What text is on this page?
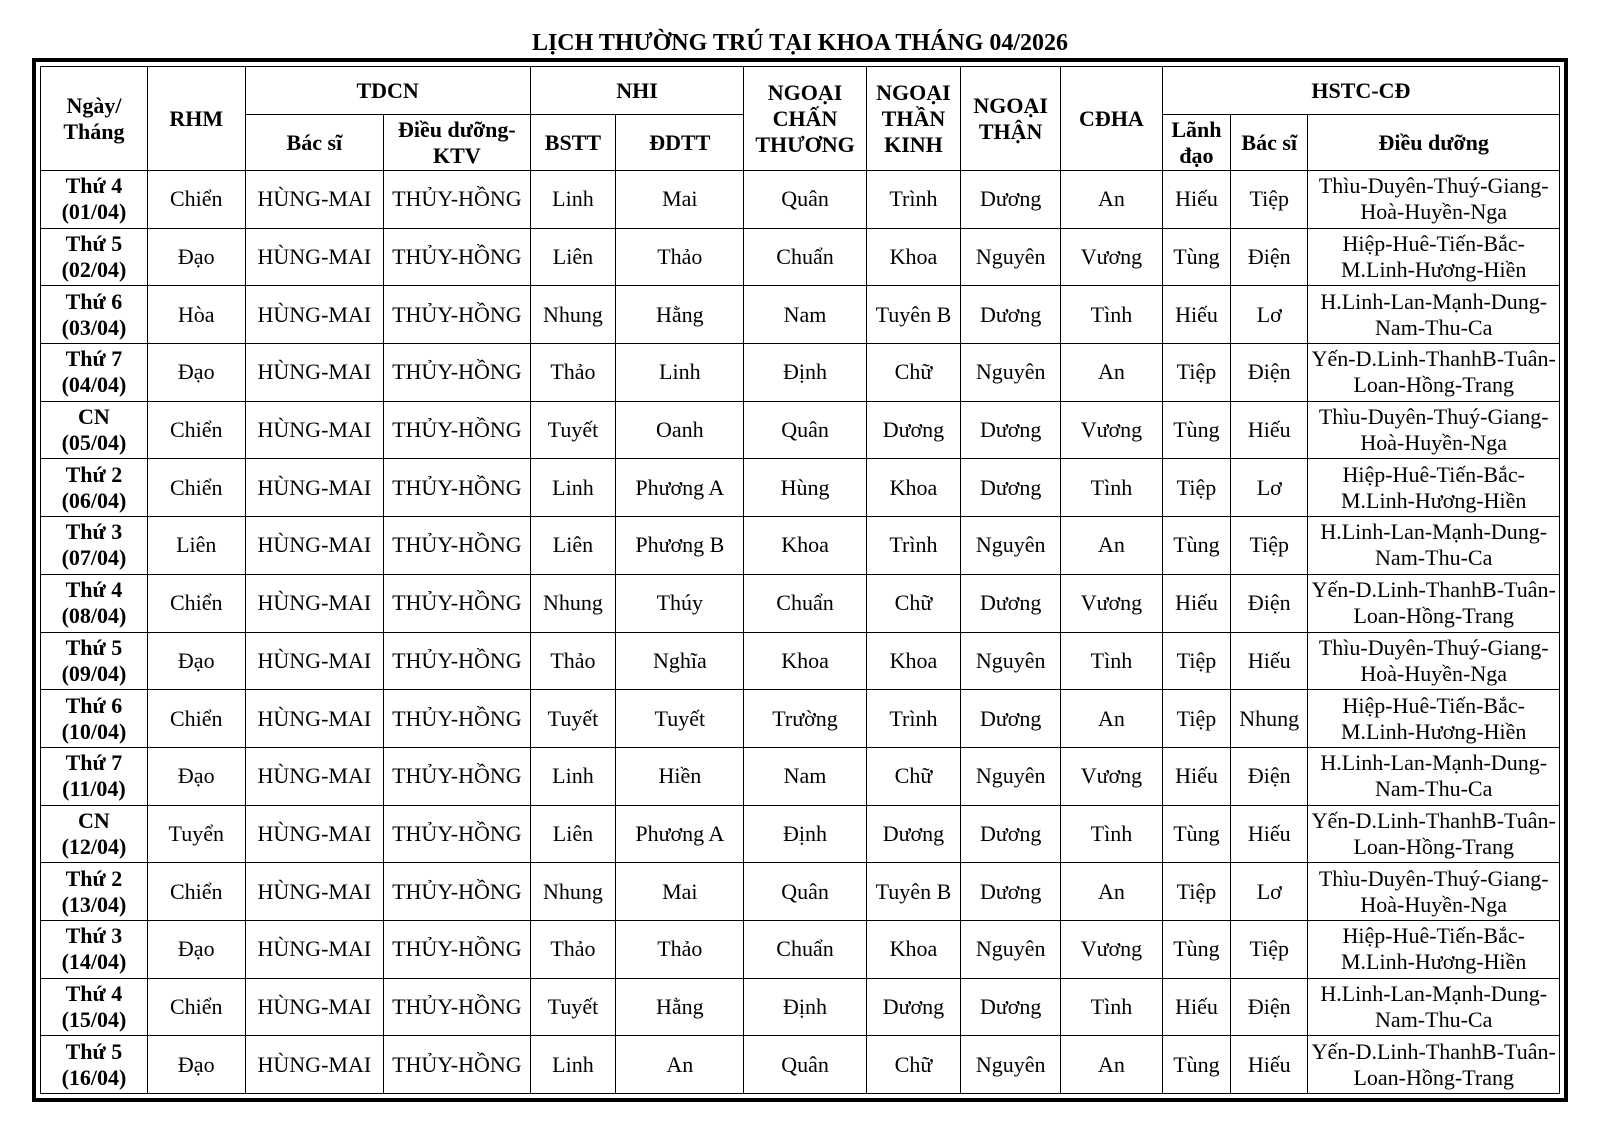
LỊCH THƯỜNG TRÚ TẠI KHOA THÁNG 04/2026
Ngày/ Tháng	RHM	TDCN		NHI		NGOẠI CHẤN THƯƠNG	NGOẠI THẦN KINH	NGOẠI THẬN	CĐHA	HSTC-CĐ		
		Bác sĩ	Điều dưỡng-KTV	BSTT	ĐDTT					Lãnh đạo	Bác sĩ	Điều dưỡng
Thứ 4
(01/04)	Chiển	HÙNG-MAI	THỦY-HỒNG	Linh	Mai	Quân	Trình	Dương	An	Hiếu	Tiệp	Thìu-Duyên-Thuý-Giang-Hoà-Huyền-Nga
Thứ 5
(02/04)	Đạo	HÙNG-MAI	THỦY-HỒNG	Liên	Thảo	Chuẩn	Khoa	Nguyên	Vương	Tùng	Điện	Hiệp-Huê-Tiến-Bắc-M.Linh-Hương-Hiền
Thứ 6
(03/04)	Hòa	HÙNG-MAI	THỦY-HỒNG	Nhung	Hằng	Nam	Tuyên B	Dương	Tình	Hiếu	Lơ	H.Linh-Lan-Mạnh-Dung-Nam-Thu-Ca
Thứ 7
(04/04)	Đạo	HÙNG-MAI	THỦY-HỒNG	Thảo	Linh	Định	Chữ	Nguyên	An	Tiệp	Điện	Yến-D.Linh-ThanhB-Tuân-Loan-Hồng-Trang
CN
(05/04)	Chiển	HÙNG-MAI	THỦY-HỒNG	Tuyết	Oanh	Quân	Dương	Dương	Vương	Tùng	Hiếu	Thìu-Duyên-Thuý-Giang-Hoà-Huyền-Nga
Thứ 2
(06/04)	Chiển	HÙNG-MAI	THỦY-HỒNG	Linh	Phương A	Hùng	Khoa	Dương	Tình	Tiệp	Lơ	Hiệp-Huê-Tiến-Bắc-M.Linh-Hương-Hiền
Thứ 3
(07/04)	Liên	HÙNG-MAI	THỦY-HỒNG	Liên	Phương B	Khoa	Trình	Nguyên	An	Tùng	Tiệp	H.Linh-Lan-Mạnh-Dung-Nam-Thu-Ca
Thứ 4
(08/04)	Chiển	HÙNG-MAI	THỦY-HỒNG	Nhung	Thúy	Chuẩn	Chữ	Dương	Vương	Hiếu	Điện	Yến-D.Linh-ThanhB-Tuân-Loan-Hồng-Trang
Thứ 5
(09/04)	Đạo	HÙNG-MAI	THỦY-HỒNG	Thảo	Nghĩa	Khoa	Khoa	Nguyên	Tình	Tiệp	Hiếu	Thìu-Duyên-Thuý-Giang-Hoà-Huyền-Nga
Thứ 6
(10/04)	Chiển	HÙNG-MAI	THỦY-HỒNG	Tuyết	Tuyết	Trường	Trình	Dương	An	Tiệp	Nhung	Hiệp-Huê-Tiến-Bắc-M.Linh-Hương-Hiền
Thứ 7
(11/04)	Đạo	HÙNG-MAI	THỦY-HỒNG	Linh	Hiền	Nam	Chữ	Nguyên	Vương	Hiếu	Điện	H.Linh-Lan-Mạnh-Dung-Nam-Thu-Ca
CN
(12/04)	Tuyển	HÙNG-MAI	THỦY-HỒNG	Liên	Phương A	Định	Dương	Dương	Tình	Tùng	Hiếu	Yến-D.Linh-ThanhB-Tuân-Loan-Hồng-Trang
Thứ 2
(13/04)	Chiển	HÙNG-MAI	THỦY-HỒNG	Nhung	Mai	Quân	Tuyên B	Dương	An	Tiệp	Lơ	Thìu-Duyên-Thuý-Giang-Hoà-Huyền-Nga
Thứ 3
(14/04)	Đạo	HÙNG-MAI	THỦY-HỒNG	Thảo	Thảo	Chuẩn	Khoa	Nguyên	Vương	Tùng	Tiệp	Hiệp-Huê-Tiến-Bắc-M.Linh-Hương-Hiền
Thứ 4
(15/04)	Chiển	HÙNG-MAI	THỦY-HỒNG	Tuyết	Hằng	Định	Dương	Dương	Tình	Hiếu	Điện	H.Linh-Lan-Mạnh-Dung-Nam-Thu-Ca
Thứ 5
(16/04)	Đạo	HÙNG-MAI	THỦY-HỒNG	Linh	An	Quân	Chữ	Nguyên	An	Tùng	Hiếu	Yến-D.Linh-ThanhB-Tuân-Loan-Hồng-Trang
